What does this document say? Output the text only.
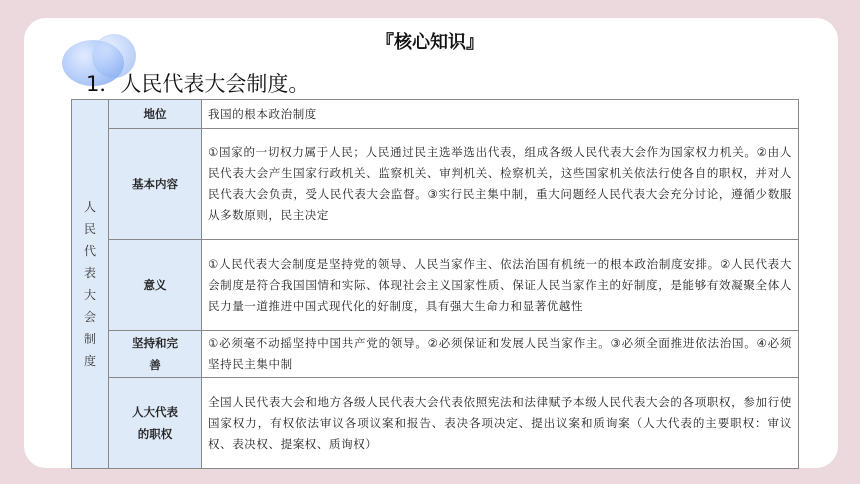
『核心知识』
1．人民代表大会制度。
人民代表大会制度	地位	我国的根本政治制度
	基本内容	①国家的一切权力属于人民；人民通过民主选举选出代表，组成各级人民代表大会作为国家权力机关。②由人民代表大会产生国家行政机关、监察机关、审判机关、检察机关，这些国家机关依法行使各自的职权，并对人民代表大会负责，受人民代表大会监督。③实行民主集中制，重大问题经人民代表大会充分讨论，遵循少数服从多数原则，民主决定
	意义	①人民代表大会制度是坚持党的领导、人民当家作主、依法治国有机统一的根本政治制度安排。②人民代表大会制度是符合我国国情和实际、体现社会主义国家性质、保证人民当家作主的好制度，是能够有效凝聚全体人民力量一道推进中国式现代化的好制度，具有强大生命力和显著优越性
	坚持和完善	①必须毫不动摇坚持中国共产党的领导。②必须保证和发展人民当家作主。③必须全面推进依法治国。④必须坚持民主集中制
	人大代表的职权	全国人民代表大会和地方各级人民代表大会代表依照宪法和法律赋予本级人民代表大会的各项职权，参加行使国家权力，有权依法审议各项议案和报告、表决各项决定、提出议案和质询案（人大代表的主要职权：审议权、表决权、提案权、质询权）
